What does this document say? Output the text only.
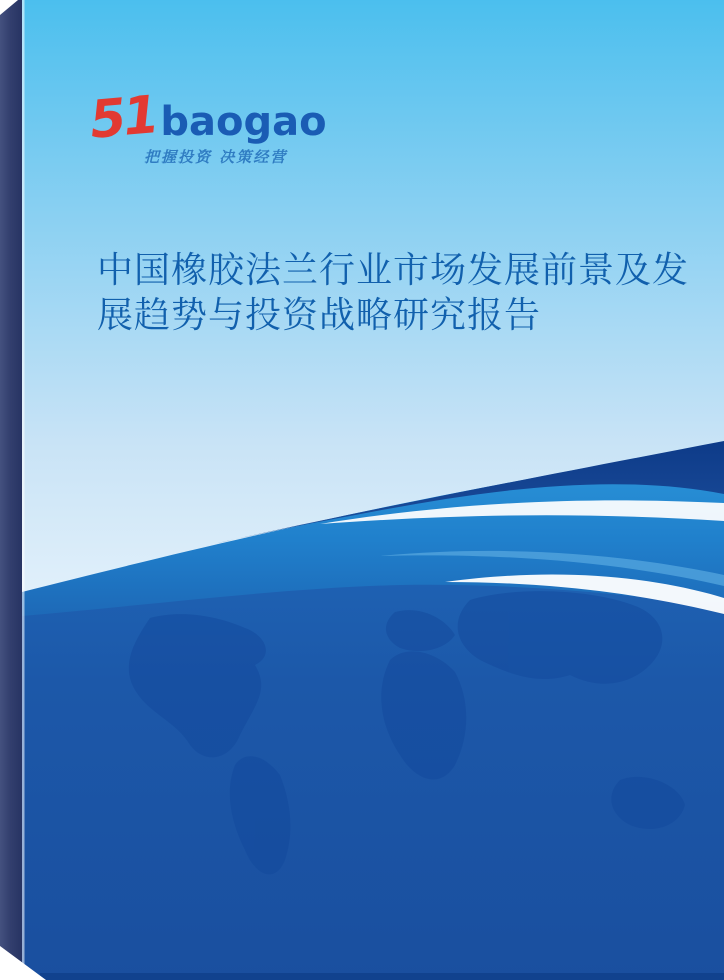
51 baogao
把握投资 决策经营
中国橡胶法兰行业市场发展前景及发
展趋势与投资战略研究报告
